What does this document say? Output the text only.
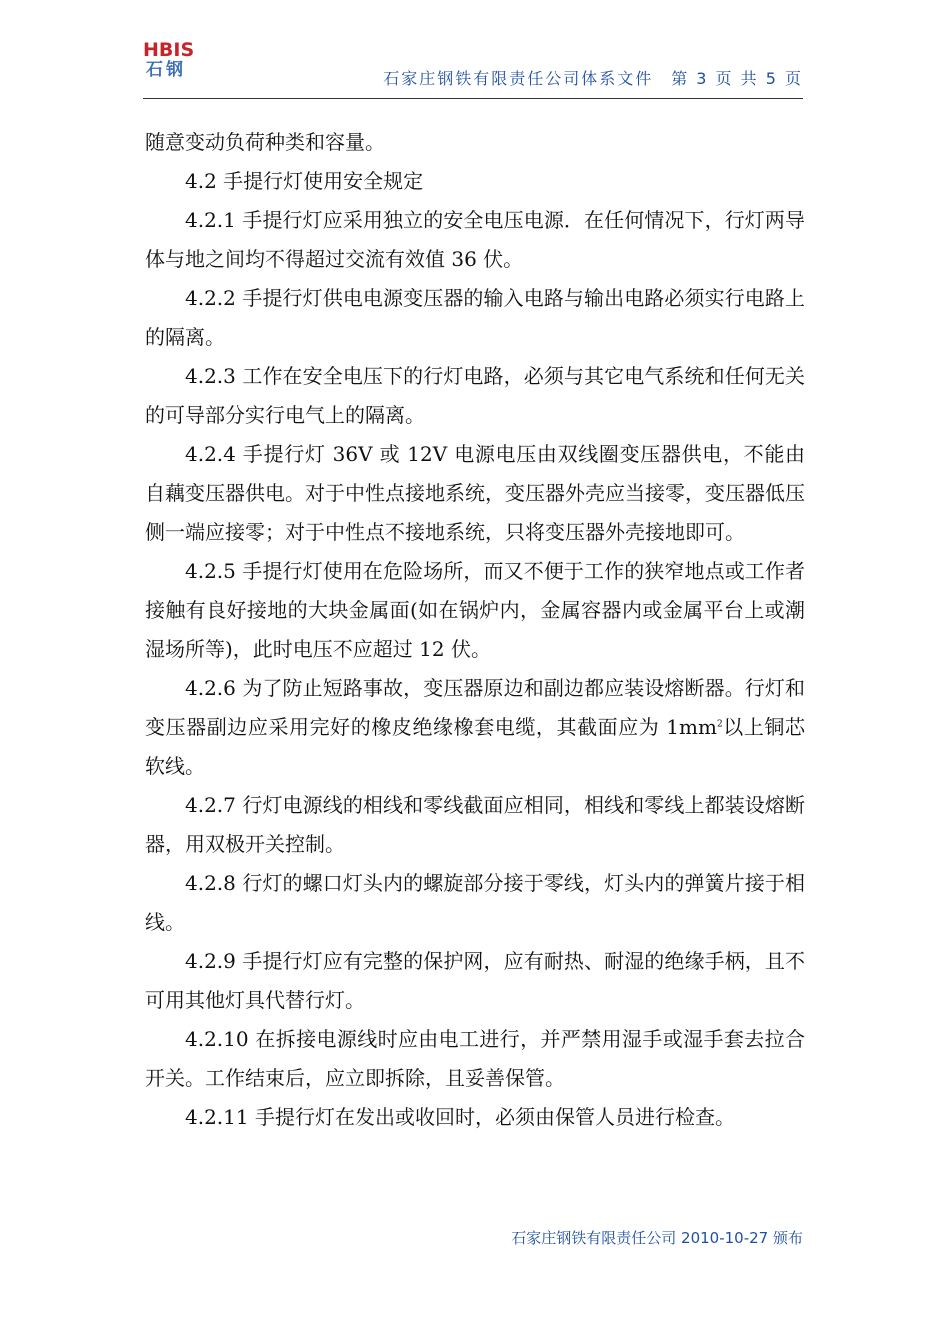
HBIS
石钢	石家庄钢铁有限责任公司体系文件　第 3 页 共 5 页

随意变动负荷种类和容量。

4.2 手提行灯使用安全规定

4.2.1 手提行灯应采用独立的安全电压电源．在任何情况下，行灯两导体与地之间均不得超过交流有效值 36 伏。

4.2.2 手提行灯供电电源变压器的输入电路与输出电路必须实行电路上的隔离。

4.2.3 工作在安全电压下的行灯电路，必须与其它电气系统和任何无关的可导部分实行电气上的隔离。

4.2.4 手提行灯 36V 或 12V 电源电压由双线圈变压器供电，不能由自藕变压器供电。对于中性点接地系统，变压器外壳应当接零，变压器低压侧一端应接零；对于中性点不接地系统，只将变压器外壳接地即可。

4.2.5 手提行灯使用在危险场所，而又不便于工作的狭窄地点或工作者接触有良好接地的大块金属面(如在锅炉内，金属容器内或金属平台上或潮湿场所等)，此时电压不应超过 12 伏。

4.2.6 为了防止短路事故，变压器原边和副边都应装设熔断器。行灯和变压器副边应采用完好的橡皮绝缘橡套电缆，其截面应为 $1mm^2$以上铜芯软线。

4.2.7 行灯电源线的相线和零线截面应相同，相线和零线上都装设熔断器，用双极开关控制。

4.2.8 行灯的螺口灯头内的螺旋部分接于零线，灯头内的弹簧片接于相线。

4.2.9 手提行灯应有完整的保护网，应有耐热、耐湿的绝缘手柄，且不可用其他灯具代替行灯。

4.2.10 在拆接电源线时应由电工进行，并严禁用湿手或湿手套去拉合开关。工作结束后，应立即拆除，且妥善保管。

4.2.11 手提行灯在发出或收回时，必须由保管人员进行检查。

石家庄钢铁有限责任公司 2010-10-27 颁布
